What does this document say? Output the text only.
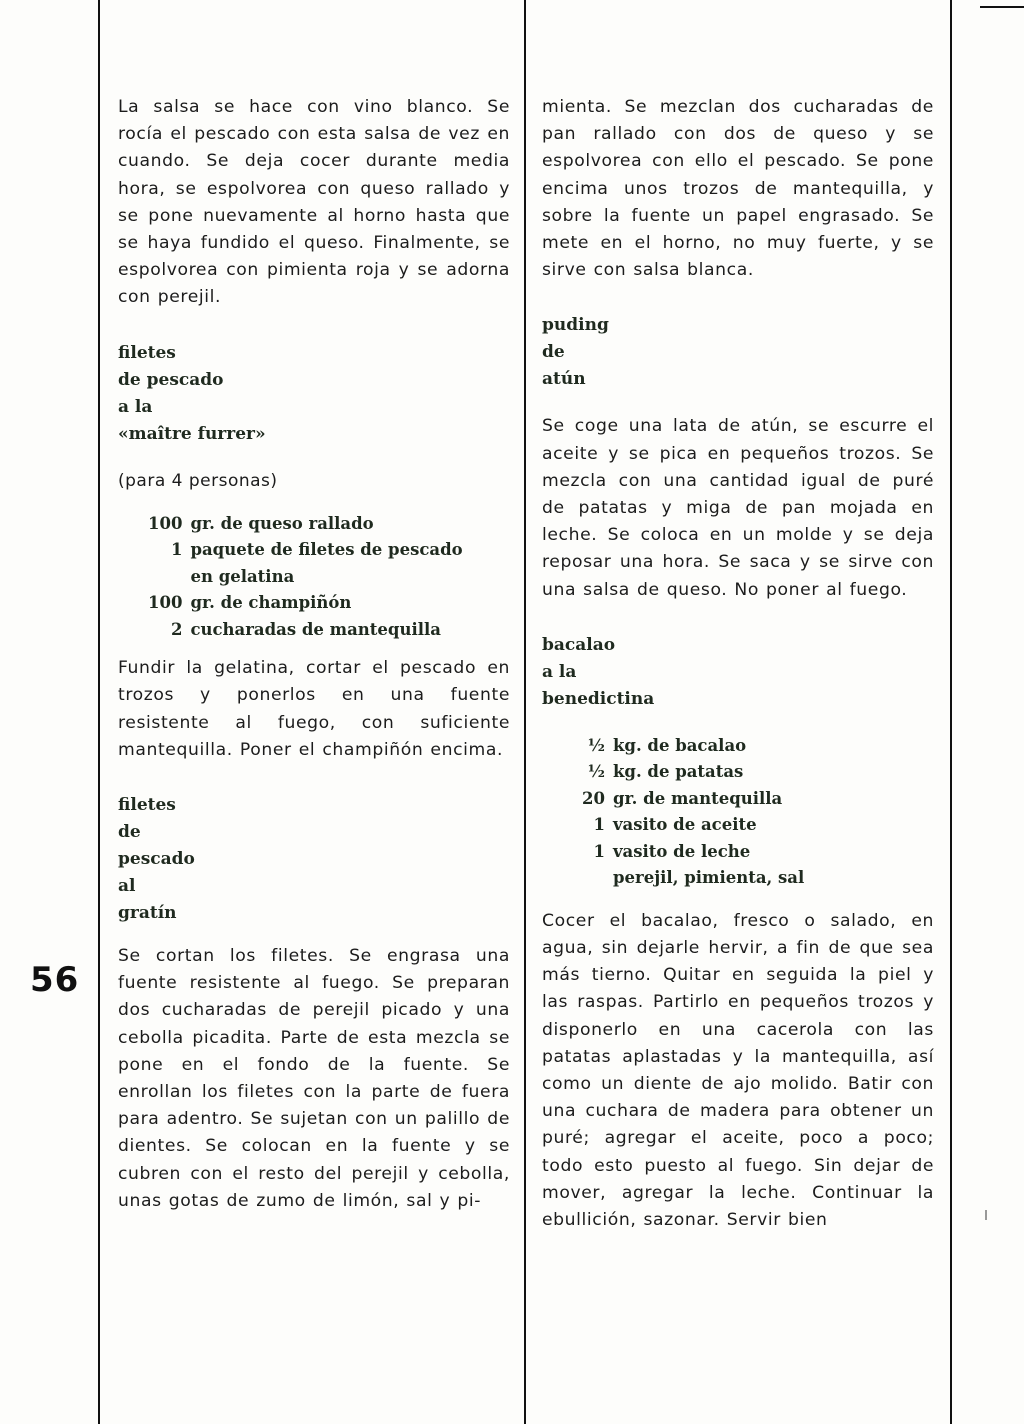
56

La salsa se hace con vino blanco. Se rocía el pescado con esta salsa de vez en cuando. Se deja cocer durante media hora, se espolvorea con queso rallado y se pone nuevamente al horno hasta que se haya fundido el queso. Finalmente, se espolvorea con pimienta roja y se adorna con perejil.

filetes
de pescado
a la
«maître furrer»
(para 4 personas)
100	gr. de queso rallado
1	paquete de filetes de pescado
	en gelatina
100	gr. de champiñón
2	cucharadas de mantequilla

Fundir la gelatina, cortar el pescado en trozos y ponerlos en una fuente resistente al fuego, con suficiente mantequilla. Poner el champiñón encima.

filetes
de
pescado
al
gratín

Se cortan los filetes. Se engrasa una fuente resistente al fuego. Se preparan dos cucharadas de perejil picado y una cebolla picadita. Parte de esta mezcla se pone en el fondo de la fuente. Se enrollan los filetes con la parte de fuera para adentro. Se sujetan con un palillo de dientes. Se colocan en la fuente y se cubren con el resto del perejil y cebolla, unas gotas de zumo de limón, sal y pi-

mienta. Se mezclan dos cucharadas de pan rallado con dos de queso y se espolvorea con ello el pescado. Se pone encima unos trozos de mantequilla, y sobre la fuente un papel engrasado. Se mete en el horno, no muy fuerte, y se sirve con salsa blanca.

puding
de
atún

Se coge una lata de atún, se escurre el aceite y se pica en pequeños trozos. Se mezcla con una cantidad igual de puré de patatas y miga de pan mojada en leche. Se coloca en un molde y se deja reposar una hora. Se saca y se sirve con una salsa de queso. No poner al fuego.

bacalao
a la
benedictina
½	kg. de bacalao
½	kg. de patatas
20	gr. de mantequilla
1	vasito de aceite
1	vasito de leche
	perejil, pimienta, sal

Cocer el bacalao, fresco o salado, en agua, sin dejarle hervir, a fin de que sea más tierno. Quitar en seguida la piel y las raspas. Partirlo en pequeños trozos y disponerlo en una cacerola con las patatas aplastadas y la mantequilla, así como un diente de ajo molido. Batir con una cuchara de madera para obtener un puré; agregar el aceite, poco a poco; todo esto puesto al fuego. Sin dejar de mover, agregar la leche. Continuar la ebullición, sazonar. Servir bien
